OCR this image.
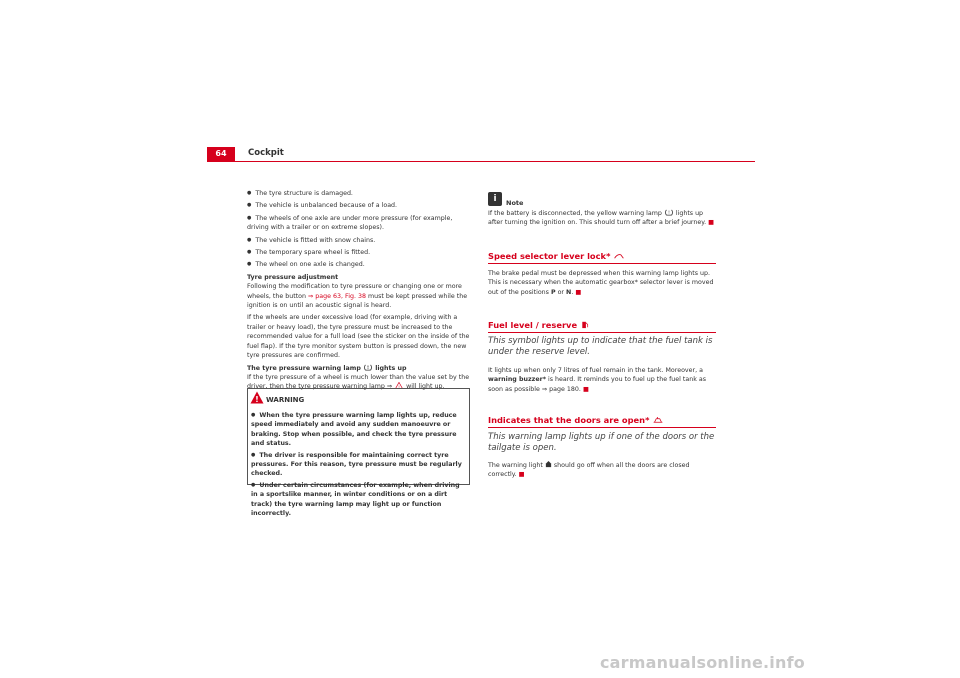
64	Cockpit
● The tyre structure is damaged.
● The vehicle is unbalanced because of a load.
● The wheels of one axle are under more pressure (for example, driving with a trailer or on extreme slopes).
● The vehicle is fitted with snow chains.
● The temporary spare wheel is fitted.
● The wheel on one axle is changed.

Tyre pressure adjustment

Following the modification to tyre pressure or changing one or more wheels, the button ⇒ page 63, Fig. 38 must be kept pressed while the ignition is on until an acoustic signal is heard.

If the wheels are under excessive load (for example, driving with a trailer or heavy load), the tyre pressure must be increased to the recommended value for a full load (see the sticker on the inside of the fuel flap). If the tyre monitor system button is pressed down, the new tyre pressures are confirmed.

The tyre pressure warning lamp ! lights up

If the tyre pressure of a wheel is much lower than the value set by the driver, then the tyre pressure warning lamp ⇒ ! will light up.

● When the tyre pressure warning lamp lights up, reduce speed immediately and avoid any sudden manoeuvre or braking. Stop when possible, and check the tyre pressure and status.
● The driver is responsible for maintaining correct tyre pressures. For this reason, tyre pressure must be regularly checked.
● Under certain circumstances (for example, when driving in a sportslike manner, in winter conditions or on a dirt track) the tyre warning lamp may light up or function incorrectly.
! WARNING
i	Note

If the battery is disconnected, the yellow warning lamp ! lights up after turning the ignition on. This should turn off after a brief journey. ■

Speed selector lever lock*

The brake pedal must be depressed when this warning lamp lights up. This is necessary when the automatic gearbox* selector lever is moved out of the positions P or N. ■

Fuel level / reserve
This symbol lights up to indicate that the fuel tank is under the reserve level.

It lights up when only 7 litres of fuel remain in the tank. Moreover, a warning buzzer* is heard. It reminds you to fuel up the fuel tank as soon as possible ⇒ page 180. ■

Indicates that the doors are open*
This warning lamp lights up if one of the doors or the tailgate is open.

The warning light  should go off when all the doors are closed correctly. ■

carmanualsonline.info
